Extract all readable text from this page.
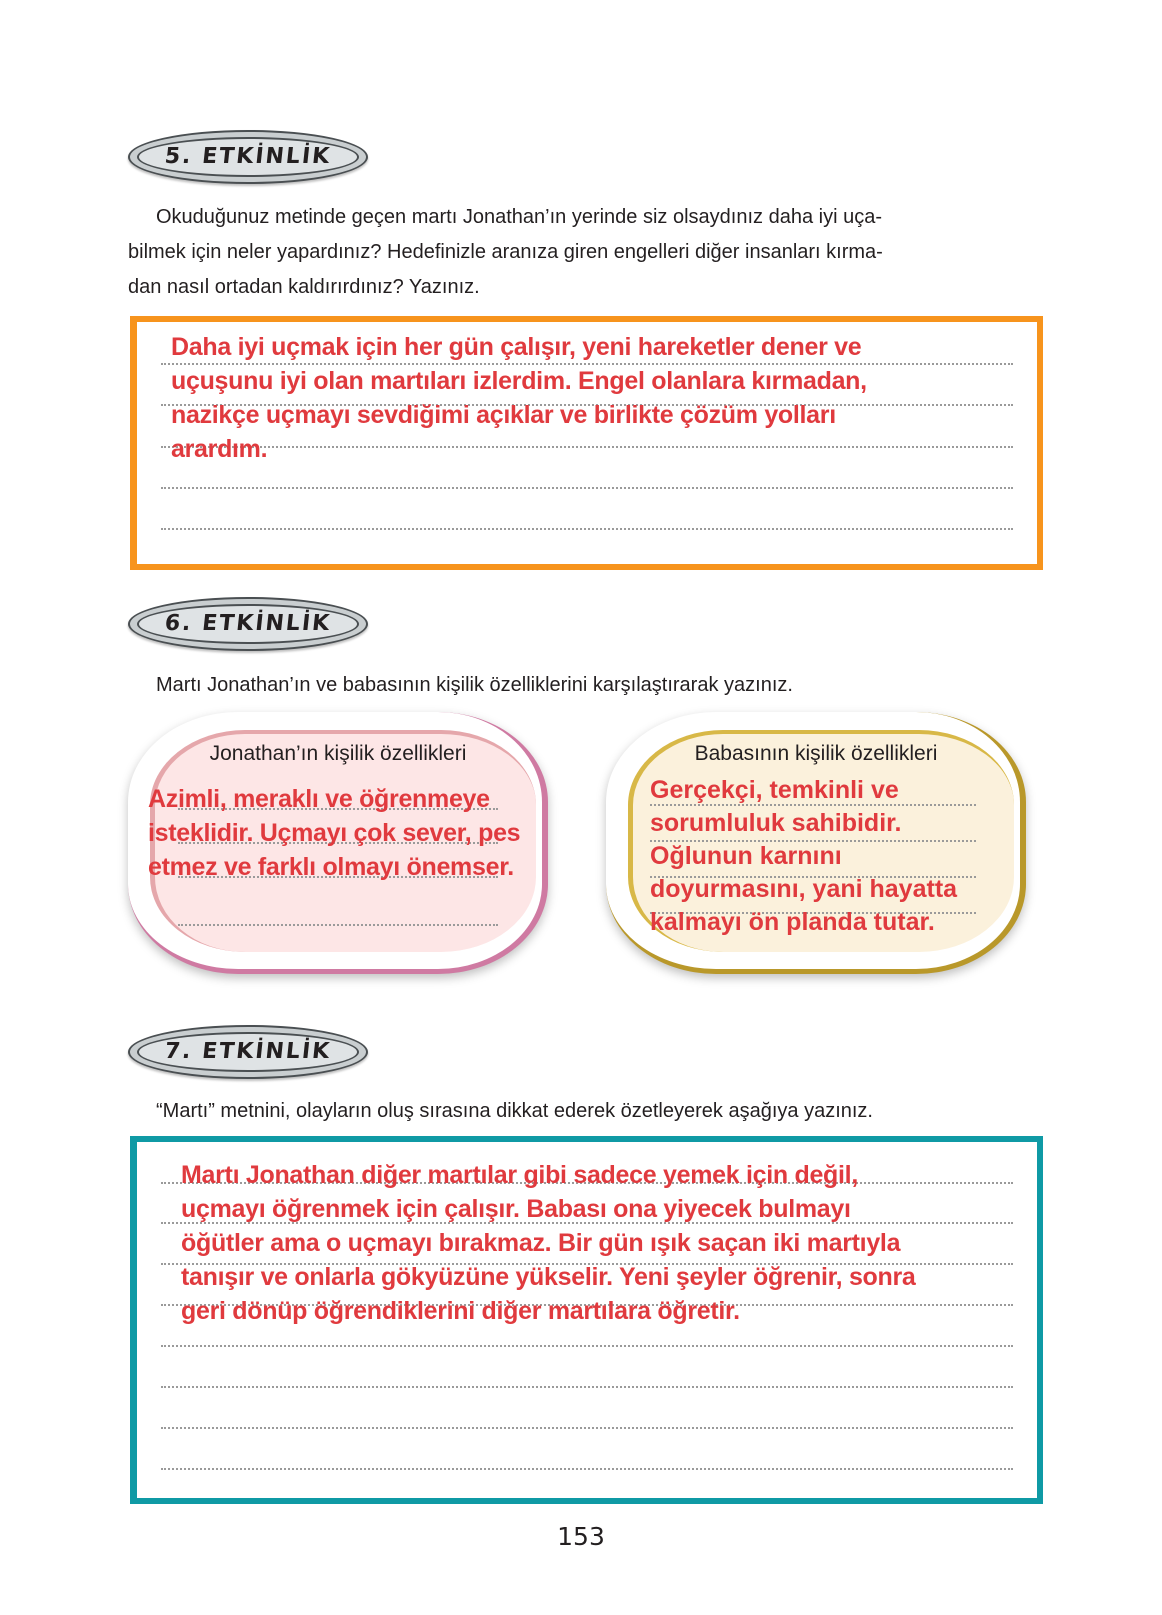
5. ETKİNLİK
Okuduğunuz metinde geçen martı Jonathan’ın yerinde siz olsaydınız daha iyi uça-
bilmek için neler yapardınız? Hedefinizle aranıza giren engelleri diğer insanları kırma-
dan nasıl ortadan kaldırırdınız? Yazınız.
Daha iyi uçmak için her gün çalışır, yeni hareketler dener ve
uçuşunu iyi olan martıları izlerdim. Engel olanlara kırmadan,
nazikçe uçmayı sevdiğimi açıklar ve birlikte çözüm yolları
arardım.
6. ETKİNLİK
Martı Jonathan’ın ve babasının kişilik özelliklerini karşılaştırarak yazınız.
Jonathan’ın kişilik özellikleri
Azimli, meraklı ve öğrenmeye
isteklidir. Uçmayı çok sever, pes
etmez ve farklı olmayı önemser.
Babasının kişilik özellikleri
Gerçekçi, temkinli ve
sorumluluk sahibidir.
Oğlunun karnını
doyurmasını, yani hayatta
kalmayı ön planda tutar.
7. ETKİNLİK
“Martı” metnini, olayların oluş sırasına dikkat ederek özetleyerek aşağıya yazınız.
Martı Jonathan diğer martılar gibi sadece yemek için değil,
uçmayı öğrenmek için çalışır. Babası ona yiyecek bulmayı
öğütler ama o uçmayı bırakmaz. Bir gün ışık saçan iki martıyla
tanışır ve onlarla gökyüzüne yükselir. Yeni şeyler öğrenir, sonra
geri dönüp öğrendiklerini diğer martılara öğretir.
153
